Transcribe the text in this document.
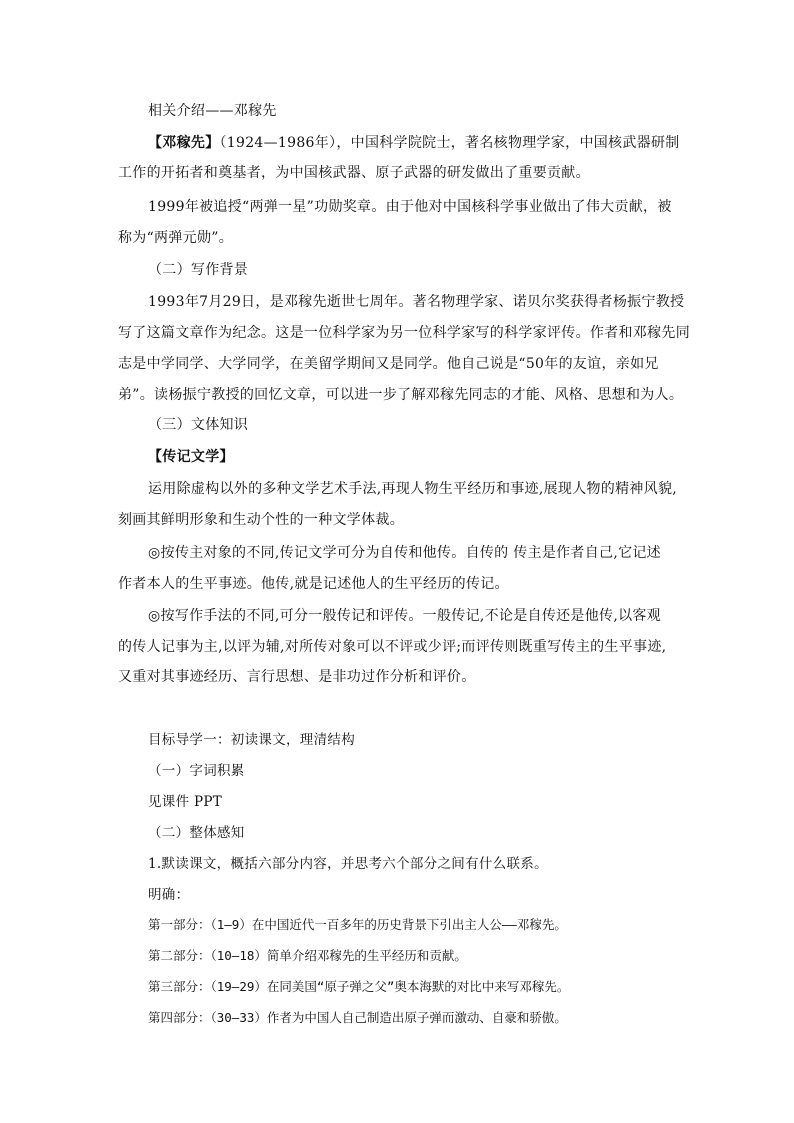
相关介绍——邓稼先
【邓稼先】（1924—1986年），中国科学院院士，著名核物理学家，中国核武器研制
工作的开拓者和奠基者，为中国核武器、原子武器的研发做出了重要贡献。
1999年被追授“两弹一星”功勋奖章。由于他对中国核科学事业做出了伟大贡献，被
称为“两弹元勋”。
（二）写作背景
1993年7月29日，是邓稼先逝世七周年。著名物理学家、诺贝尔奖获得者杨振宁教授
写了这篇文章作为纪念。这是一位科学家为另一位科学家写的科学家评传。作者和邓稼先同
志是中学同学、大学同学，在美留学期间又是同学。他自己说是“50年的友谊，亲如兄
弟”。读杨振宁教授的回忆文章，可以进一步了解邓稼先同志的才能、风格、思想和为人。
（三）文体知识
【传记文学】
运用除虚构以外的多种文学艺术手法,再现人物生平经历和事迹,展现人物的精神风貌,
刻画其鲜明形象和生动个性的一种文学体裁。
◎按传主对象的不同,传记文学可分为自传和他传。自传的 传主是作者自己,它记述
作者本人的生平事迹。他传,就是记述他人的生平经历的传记。
◎按写作手法的不同,可分一般传记和评传。一般传记,不论是自传还是他传,以客观
的传人记事为主,以评为辅,对所传对象可以不评或少评;而评传则既重写传主的生平事迹,
又重对其事迹经历、言行思想、是非功过作分析和评价。
目标导学一：初读课文，理清结构
（一）字词积累
见课件 PPT
（二）整体感知
1.默读课文，概括六部分内容，并思考六个部分之间有什么联系。
明确：
第一部分：（1—9）在中国近代一百多年的历史背景下引出主人公——邓稼先。
第二部分：（10—18）简单介绍邓稼先的生平经历和贡献。
第三部分：（19—29）在同美国“原子弹之父”奥本海默的对比中来写邓稼先。
第四部分：（30—33）作者为中国人自己制造出原子弹而激动、自豪和骄傲。
